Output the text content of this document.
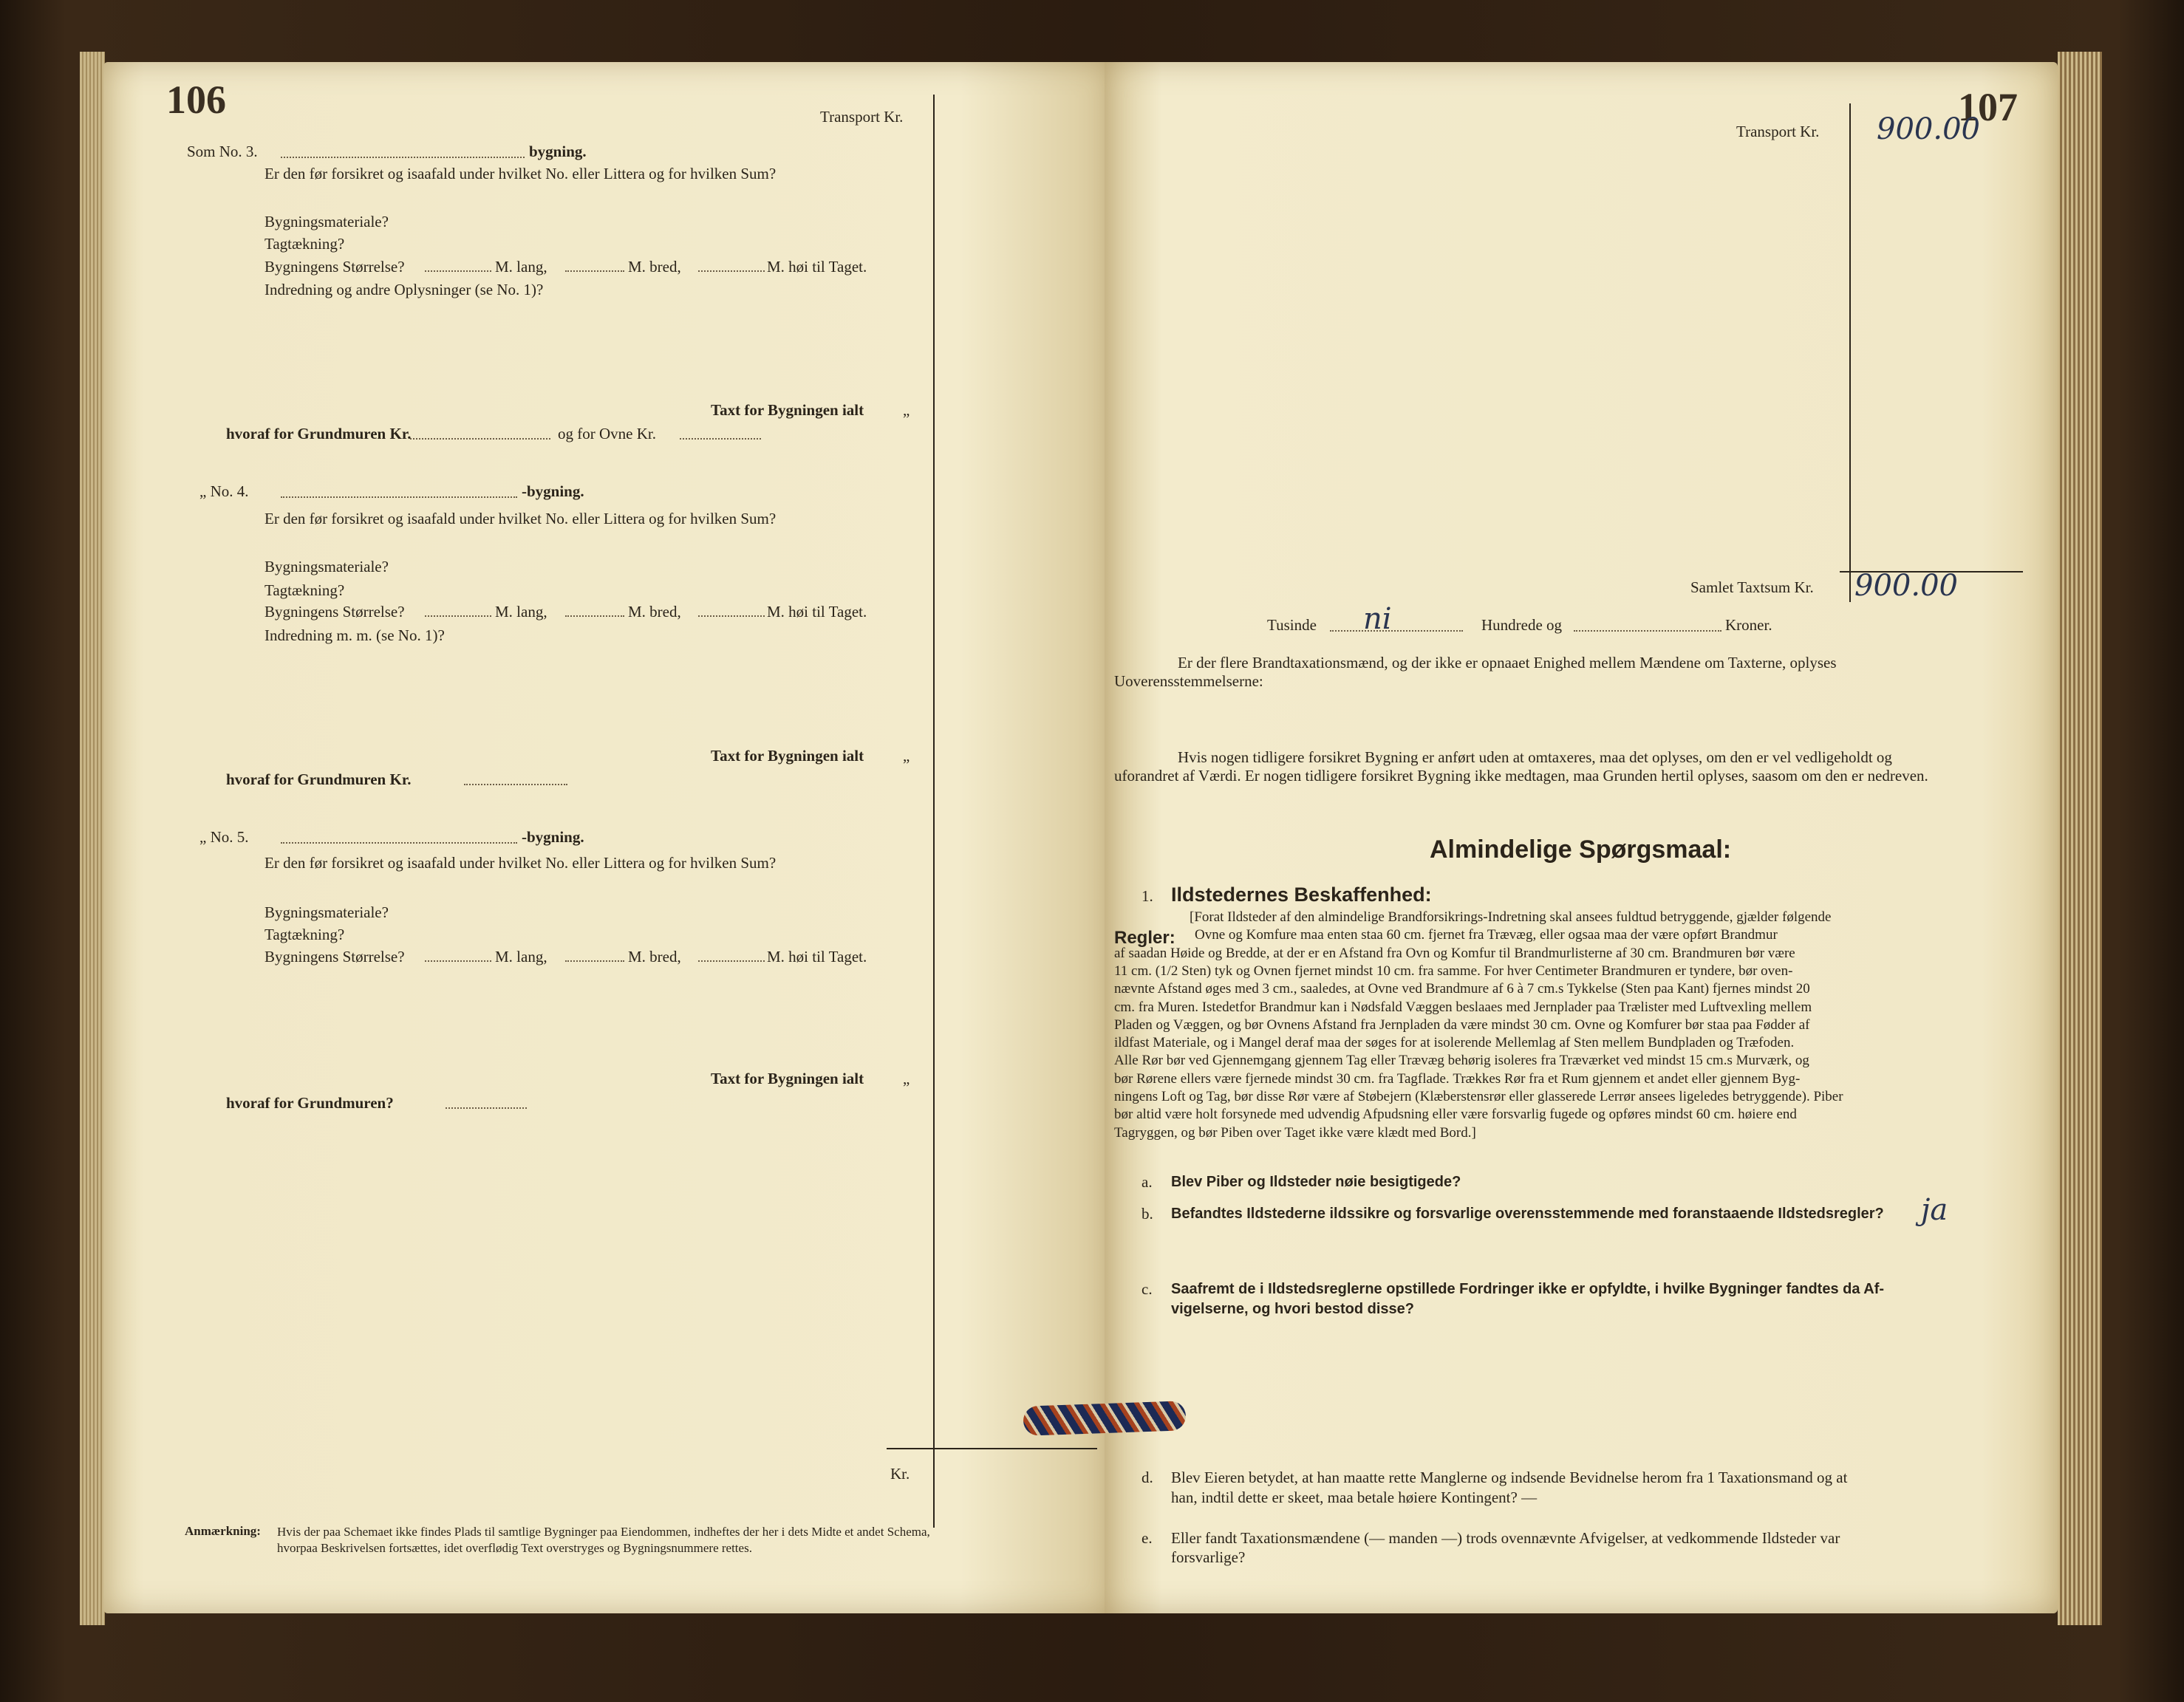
106	Transport Kr.
Som No. 3.	bygning.
Er den før forsikret og isaafald under hvilket No. eller Littera og for hvilken Sum?
Bygningsmateriale?
Tagtækning?
Bygningens Størrelse?	M. lang,	M. bred,	M. høi til Taget.
Indredning og andre Oplysninger (se No. 1)?
Taxt for Bygningen ialt	„
hvoraf for Grundmuren Kr.	og for Ovne Kr.
„ No. 4.	-bygning.
Er den før forsikret og isaafald under hvilket No. eller Littera og for hvilken Sum?
Bygningsmateriale?
Tagtækning?
Bygningens Størrelse?	M. lang,	M. bred,	M. høi til Taget.
Indredning m. m. (se No. 1)?
Taxt for Bygningen ialt	„
hvoraf for Grundmuren Kr.
„ No. 5.	-bygning.
Er den før forsikret og isaafald under hvilket No. eller Littera og for hvilken Sum?
Bygningsmateriale?
Tagtækning?
Bygningens Størrelse?	M. lang,	M. bred,	M. høi til Taget.
Taxt for Bygningen ialt	„
hvoraf for Grundmuren?
Kr.
Anmærkning: Hvis der paa Schemaet ikke findes Plads til samtlige Bygninger paa Eiendommen, indheftes der her i dets Midte et andet Schema,
hvorpaa Beskrivelsen fortsættes, idet overflødig Text overstryges og Bygningsnummere rettes.
107
Transport Kr. 900.00
Samlet Taxtsum Kr. 900.00
Tusinde ni	Hundrede og	Kroner.
Er der flere Brandtaxationsmænd, og der ikke er opnaaet Enighed mellem Mændene om Taxterne, oplyses
Uoverensstemmelserne:
Hvis nogen tidligere forsikret Bygning er anført uden at omtaxeres, maa det oplyses, om den er vel vedligeholdt og
uforandret af Værdi. Er nogen tidligere forsikret Bygning ikke medtagen, maa Grunden hertil oplyses, saasom om den er nedreven.
Almindelige Spørgsmaal:
1. Ildstedernes Beskaffenhed:
Regler:
[Forat Ildsteder af den almindelige Brandforsikrings-Indretning skal ansees fuldtud betryggende, gjælder følgende
Ovne og Komfure maa enten staa 60 cm. fjernet fra Trævæg, eller ogsaa maa der være opført Brandmur
af saadan Høide og Bredde, at der er en Afstand fra Ovn og Komfur til Brandmurlisterne af 30 cm. Brandmuren bør være
11 cm. (1/2 Sten) tyk og Ovnen fjernet mindst 10 cm. fra samme. For hver Centimeter Brandmuren er tyndere, bør oven-
nævnte Afstand øges med 3 cm., saaledes, at Ovne ved Brandmure af 6 à 7 cm.s Tykkelse (Sten paa Kant) fjernes mindst 20
cm. fra Muren. Istedetfor Brandmur kan i Nødsfald Væggen beslaaes med Jernplader paa Trælister med Luftvexling mellem
Pladen og Væggen, og bør Ovnens Afstand fra Jernpladen da være mindst 30 cm. Ovne og Komfurer bør staa paa Fødder af
ildfast Materiale, og i Mangel deraf maa der søges for at isolerende Mellemlag af Sten mellem Bundpladen og Træfoden.
Alle Rør bør ved Gjennemgang gjennem Tag eller Trævæg behørig isoleres fra Træværket ved mindst 15 cm.s Murværk, og
bør Rørene ellers være fjernede mindst 30 cm. fra Tagfladе. Trækkes Rør fra et Rum gjennem et andet eller gjennem Byg-
ningens Loft og Tag, bør disse Rør være af Støbejern (Klæberstensrør eller glasserede Lerrør ansees ligeledes betryggende). Piber
bør altid være holt forsynede med udvendig Afpudsning eller være forsvarlig fugede og opføres mindst 60 cm. høiere end
Tagryggen, og bør Piben over Taget ikke være klædt med Bord.]
a. Blev Piber og Ildsteder nøie besigtigede?
b. Befandtes Ildstederne ildssikre og forsvarlige overensstemmende med foranstaaende Ildstedsregler? ja
c. Saafremt de i Ildstedsreglerne opstillede Fordringer ikke er opfyldte, i hvilke Bygninger fandtes da Af-
vigelserne, og hvori bestod disse?
d. Blev Eieren betydet, at han maatte rette Manglerne og indsende Bevidnelse herom fra 1 Taxationsmand og at
han, indtil dette er skeet, maa betale høiere Kontingent? —
e. Eller fandt Taxationsmændene (— manden —) trods ovennævnte Afvigelser, at vedkommende Ildsteder var
forsvarlige?
